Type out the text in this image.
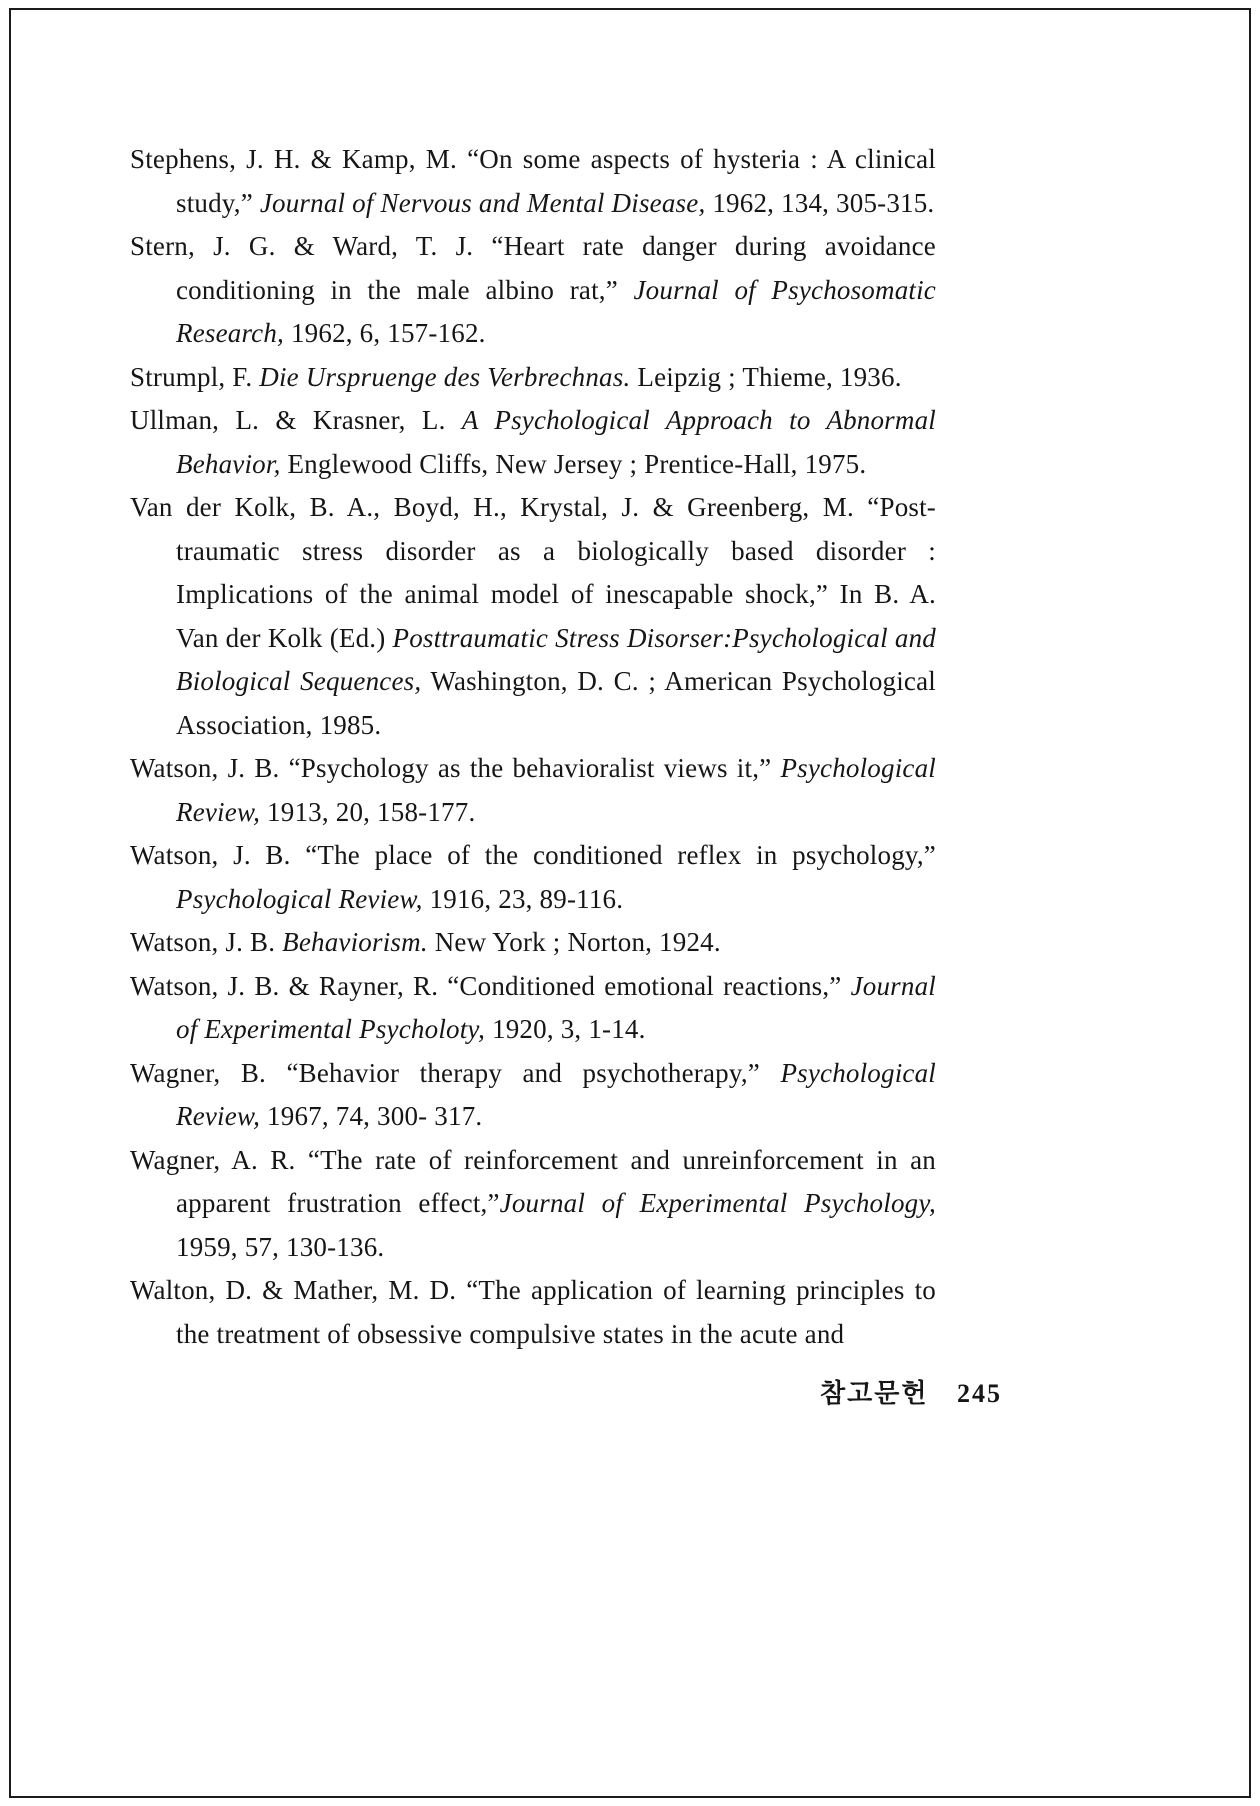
Stephens, J. H. & Kamp, M. “On some aspects of hysteria : A clinical study,” Journal of Nervous and Mental Disease, 1962, 134, 305-315.

Stern, J. G. & Ward, T. J. “Heart rate danger during avoidance conditioning in the male albino rat,” Journal of Psychosomatic Research, 1962, 6, 157-162.

Strumpl, F. Die Urspruenge des Verbrechnas. Leipzig ; Thieme, 1936.

Ullman, L. & Krasner, L. A Psychological Approach to Abnormal Behavior, Englewood Cliffs, New Jersey ; Prentice-Hall, 1975.

Van der Kolk, B. A., Boyd, H., Krystal, J. & Greenberg, M. “Post-traumatic stress disorder as a biologically based disorder : Implications of the animal model of inescapable shock,” In B. A. Van der Kolk (Ed.) Posttraumatic Stress Disorser:Psychological and Biological Sequences, Washington, D. C. ; American Psychological Association, 1985.

Watson, J. B. “Psychology as the behavioralist views it,” Psychological Review, 1913, 20, 158-177.

Watson, J. B. “The place of the conditioned reflex in psychology,” Psychological Review, 1916, 23, 89-116.

Watson, J. B. Behaviorism. New York ; Norton, 1924.

Watson, J. B. & Rayner, R. “Conditioned emotional reactions,” Journal of Experimental Psycholoty, 1920, 3, 1-14.

Wagner, B. “Behavior therapy and psychotherapy,” Psychological Review, 1967, 74, 300- 317.

Wagner, A. R. “The rate of reinforcement and unreinforcement in an apparent frustration effect,”Journal of Experimental Psychology, 1959, 57, 130-136.

Walton, D. & Mather, M. D. “The application of learning principles to the treatment of obsessive compulsive states in the acute and

참고문헌 245
